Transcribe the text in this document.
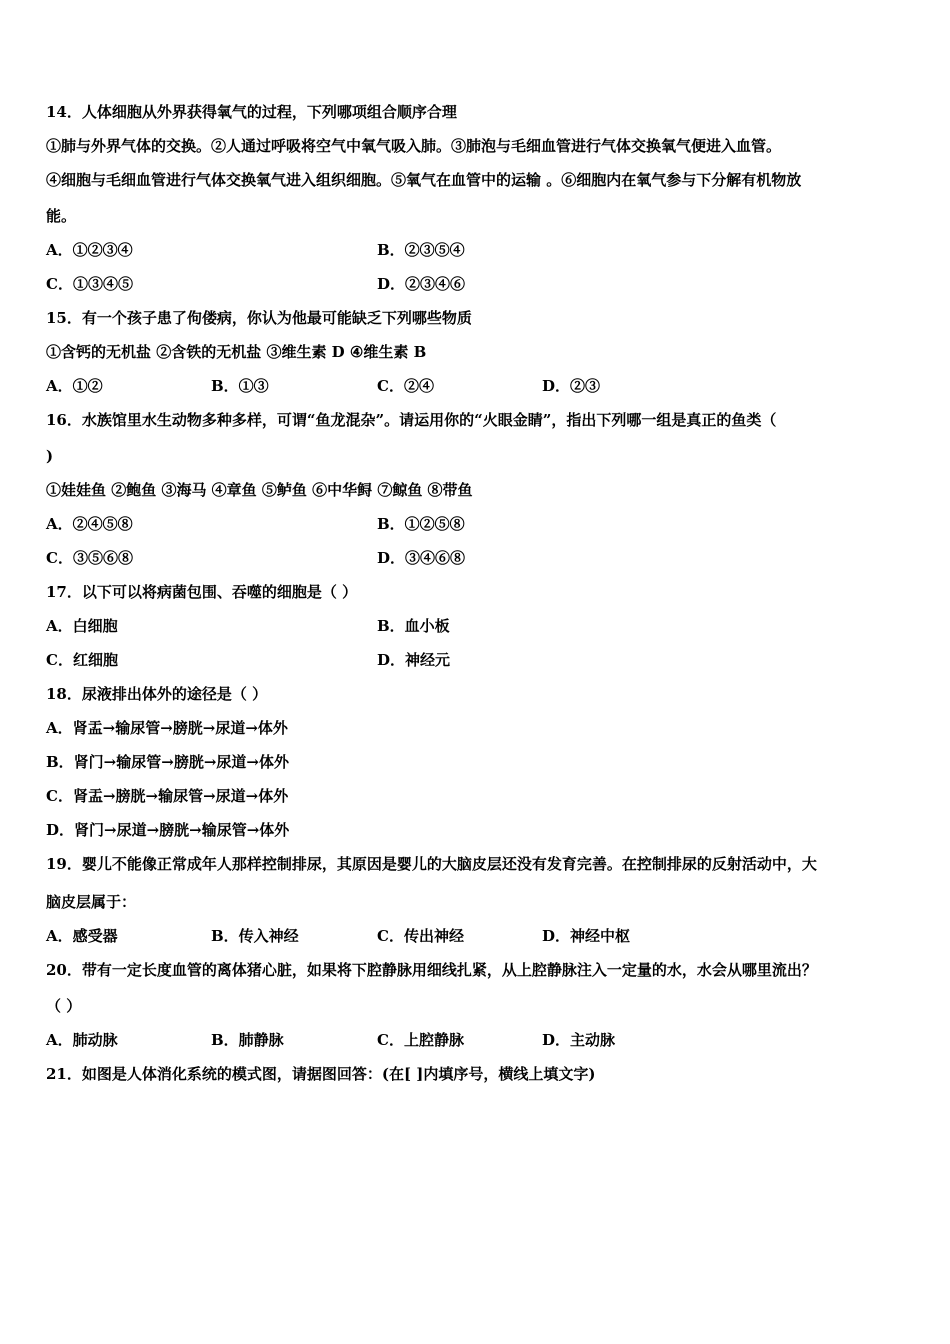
14．人体细胞从外界获得氧气的过程，下列哪项组合顺序合理
①肺与外界气体的交换。②人通过呼吸将空气中氧气吸入肺。③肺泡与毛细血管进行气体交换氧气便进入血管。
④细胞与毛细血管进行气体交换氧气进入组织细胞。⑤氧气在血管中的运输 。⑥细胞内在氧气参与下分解有机物放
能。
A．①②③④	B．②③⑤④
C．①③④⑤	D．②③④⑥
15．有一个孩子患了佝偻病，你认为他最可能缺乏下列哪些物质
①含钙的无机盐 ②含铁的无机盐 ③维生素 D ④维生素 B
A．①②	B．①③	C．②④	D．②③
16．水族馆里水生动物多种多样，可谓“鱼龙混杂”。请运用你的“火眼金睛”，指出下列哪一组是真正的鱼类（
)
①娃娃鱼 ②鲍鱼 ③海马 ④章鱼 ⑤鲈鱼 ⑥中华鲟 ⑦鲸鱼 ⑧带鱼
A．②④⑤⑧	B．①②⑤⑧
C．③⑤⑥⑧	D．③④⑥⑧
17．以下可以将病菌包围、吞噬的细胞是（ ）
A．白细胞	B．血小板
C．红细胞	D．神经元
18．尿液排出体外的途径是（ ）
A．肾盂→输尿管→膀胱→尿道→体外
B．肾门→输尿管→膀胱→尿道→体外
C．肾盂→膀胱→输尿管→尿道→体外
D．肾门→尿道→膀胱→输尿管→体外
19．婴儿不能像正常成年人那样控制排尿，其原因是婴儿的大脑皮层还没有发育完善。在控制排尿的反射活动中，大
脑皮层属于：
A．感受器	B．传入神经	C．传出神经	D．神经中枢
20．带有一定长度血管的离体猪心脏，如果将下腔静脉用细线扎紧，从上腔静脉注入一定量的水，水会从哪里流出？
（ ）
A．肺动脉	B．肺静脉	C．上腔静脉	D．主动脉
21．如图是人体消化系统的模式图，请据图回答：(在[ ]内填序号，横线上填文字)
